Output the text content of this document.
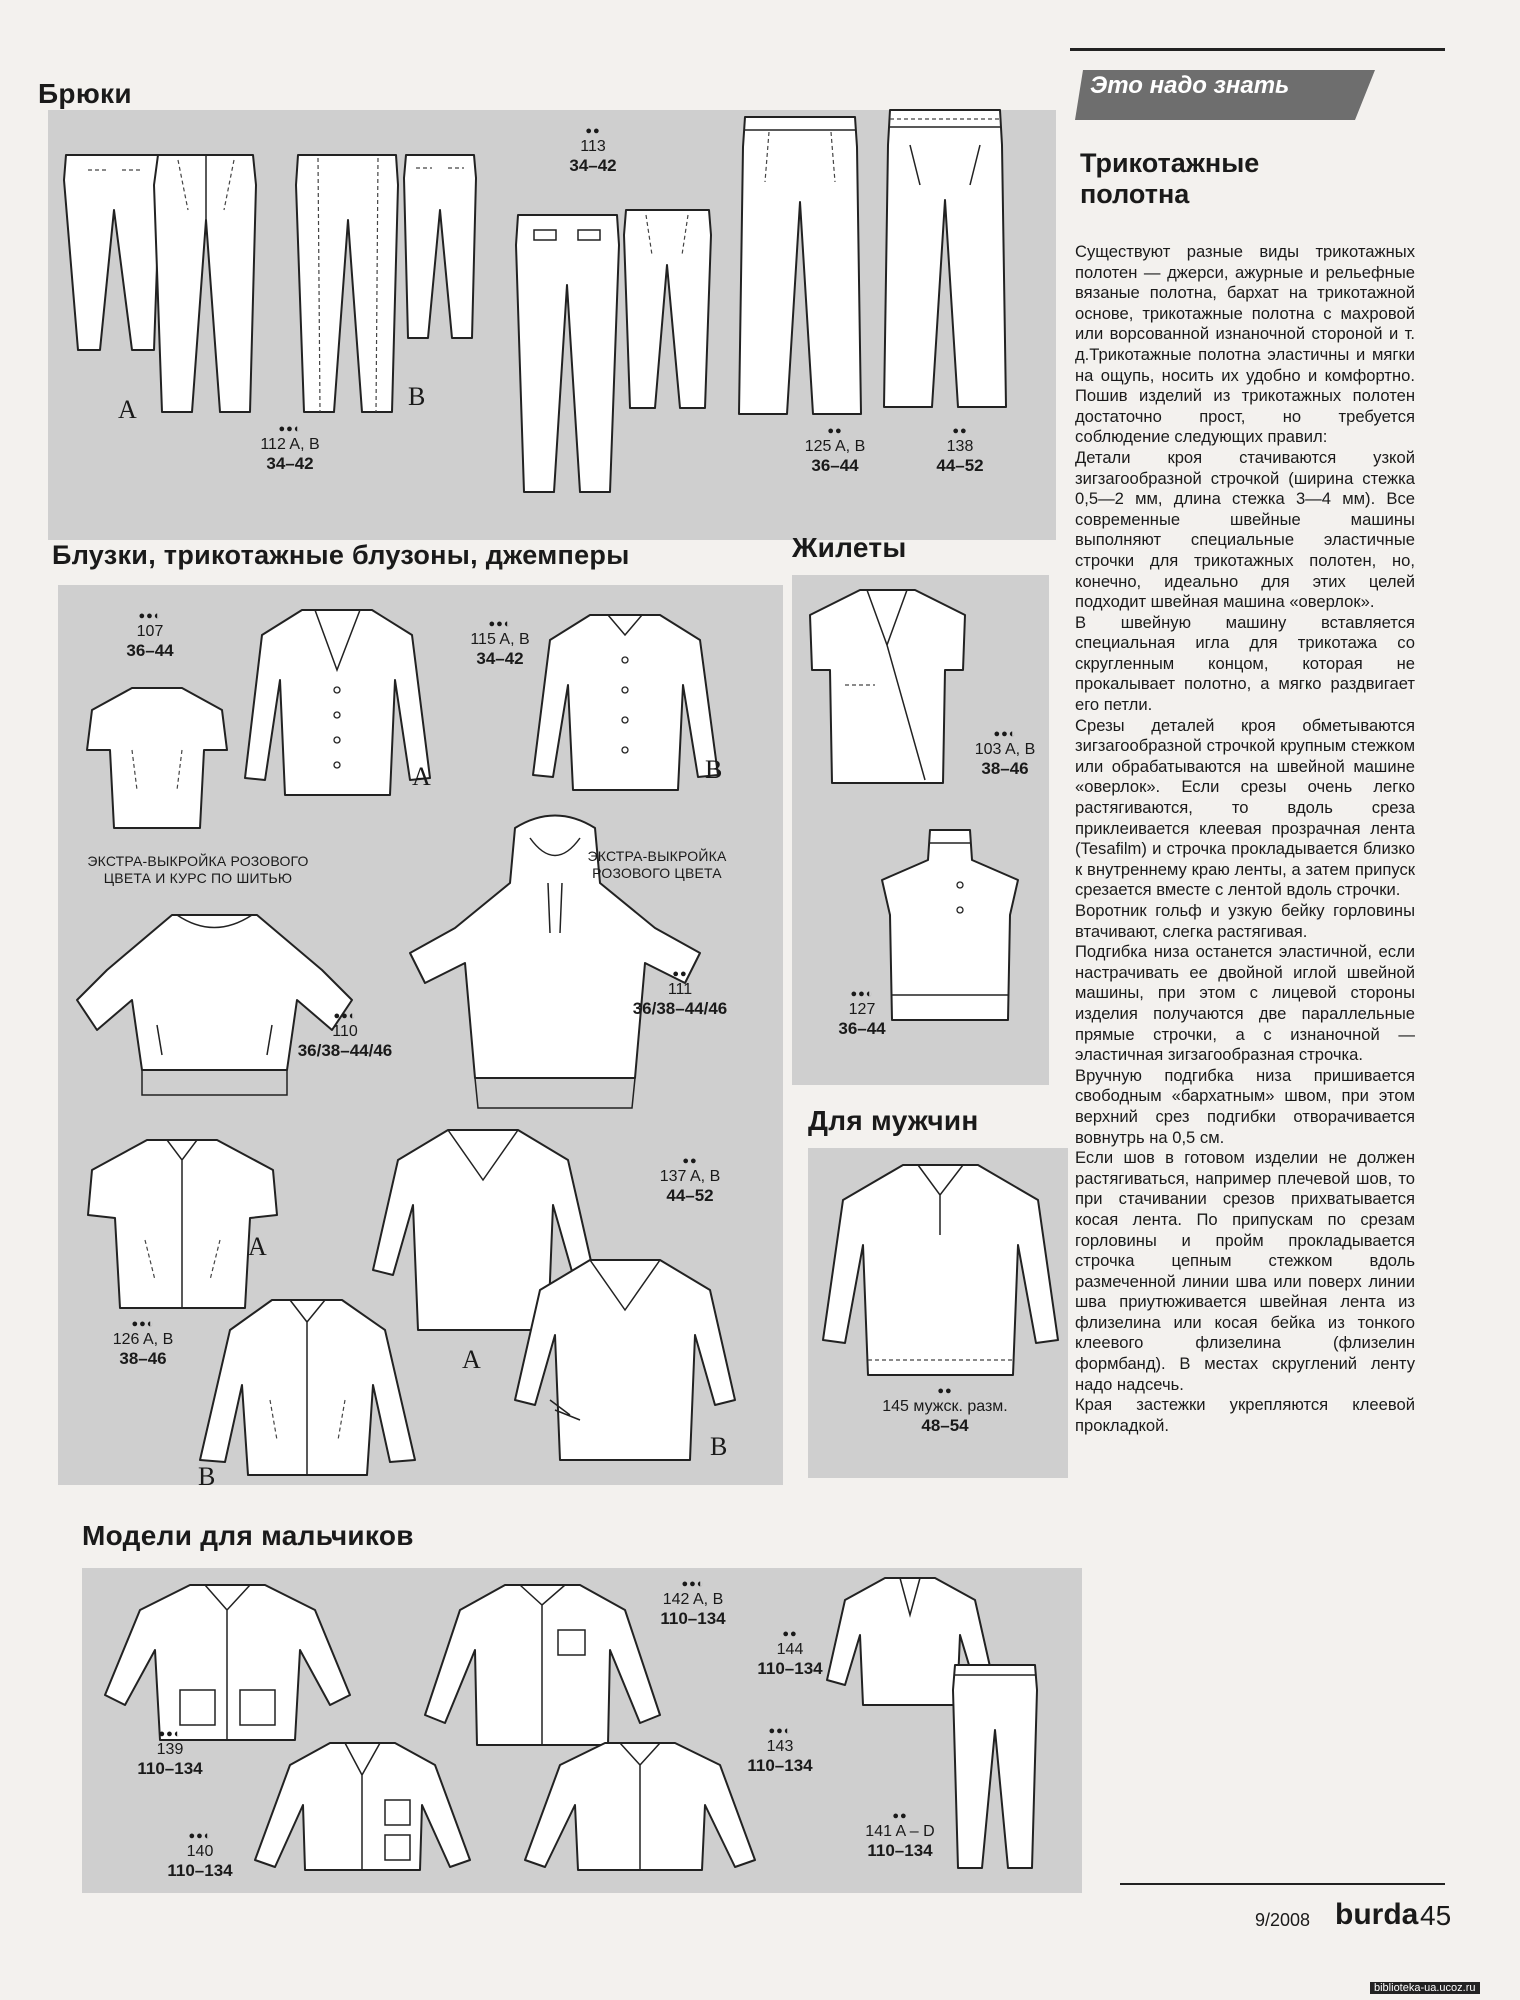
Брюки
A	B
●●◐
112 A, B
34–42
●●
113
34–42
●●
125 A, B
36–44
●●
138
44–52
Блузки, трикотажные блузоны, джемперы
●●◐
107
36–44
A
●●◐
115 A, B
34–42
B
ЭКСТРА-ВЫКРОЙКА РОЗОВОГО ЦВЕТА И КУРС ПО ШИТЬЮ
●●◐
110
36/38–44/46
ЭКСТРА-ВЫКРОЙКА РОЗОВОГО ЦВЕТА
●●
111
36/38–44/46
A
●●◐
126 A, B
38–46
B
A
●●
137 A, B
44–52
B
Жилеты
●●◐
103 A, B
38–46
●●◐
127
36–44
Для мужчин
●●
145 мужск. разм.
48–54
Модели для мальчиков
●●◐
139
110–134
●●◐
142 A, B
110–134
●●
144
110–134
●●◐
140
110–134
●●◐
143
110–134
●●
141 A – D
110–134
Это надо знать
Трикотажные полотна

Существуют разные виды трикотажных полотен — джерси, ажурные и рельефные вязаные полотна, бархат на трикотажной основе, трикотажные полотна с махровой или ворсованной изнаночной стороной и т. д.Трикотажные полотна эластичны и мягки на ощупь, носить их удобно и комфортно. Пошив изделий из трикотажных полотен достаточно прост, но требуется соблюдение следующих правил:

Детали кроя стачиваются узкой зигзагообразной строчкой (ширина стежка 0,5—2 мм, длина стежка 3—4 мм). Все современные швейные машины выполняют специальные эластичные строчки для трикотажных полотен, но, конечно, идеально для этих целей подходит швейная машина «оверлок».

В швейную машину вставляется специальная игла для трикотажа со скругленным концом, которая не прокалывает полотно, а мягко раздвигает его петли.

Срезы деталей кроя обметываются зигзагообразной строчкой крупным стежком или обрабатываются на швейной машине «оверлок». Если срезы очень легко растягиваются, то вдоль среза приклеивается клеевая прозрачная лента (Tesafilm) и строчка прокладывается близко к внутреннему краю ленты, а затем припуск срезается вместе с лентой вдоль строчки.

Воротник гольф и узкую бейку горловины втачивают, слегка растягивая.

Подгибка низа останется эластичной, если настрачивать ее двойной иглой швейной машины, при этом с лицевой стороны изделия получаются две параллельные прямые строчки, а с изнаночной — эластичная зигзагообразная строчка.

Вручную подгибка низа пришивается свободным «бархатным» швом, при этом верхний срез подгибки отворачивается вовнутрь на 0,5 см.

Если шов в готовом изделии не должен растягиваться, например плечевой шов, то при стачивании срезов прихватывается косая лента. По припускам по срезам горловины и пройм прокладывается строчка цепным стежком вдоль размеченной линии шва или поверх линии шва приутюживается швейная лента из флизелина или косая бейка из тонкого клеевого флизелина (флизелин формбанд). В местах скруглений ленту надо надсечь.

Края застежки укрепляются клеевой прокладкой.

9/2008 burda 45
biblioteka-ua.ucoz.ru
